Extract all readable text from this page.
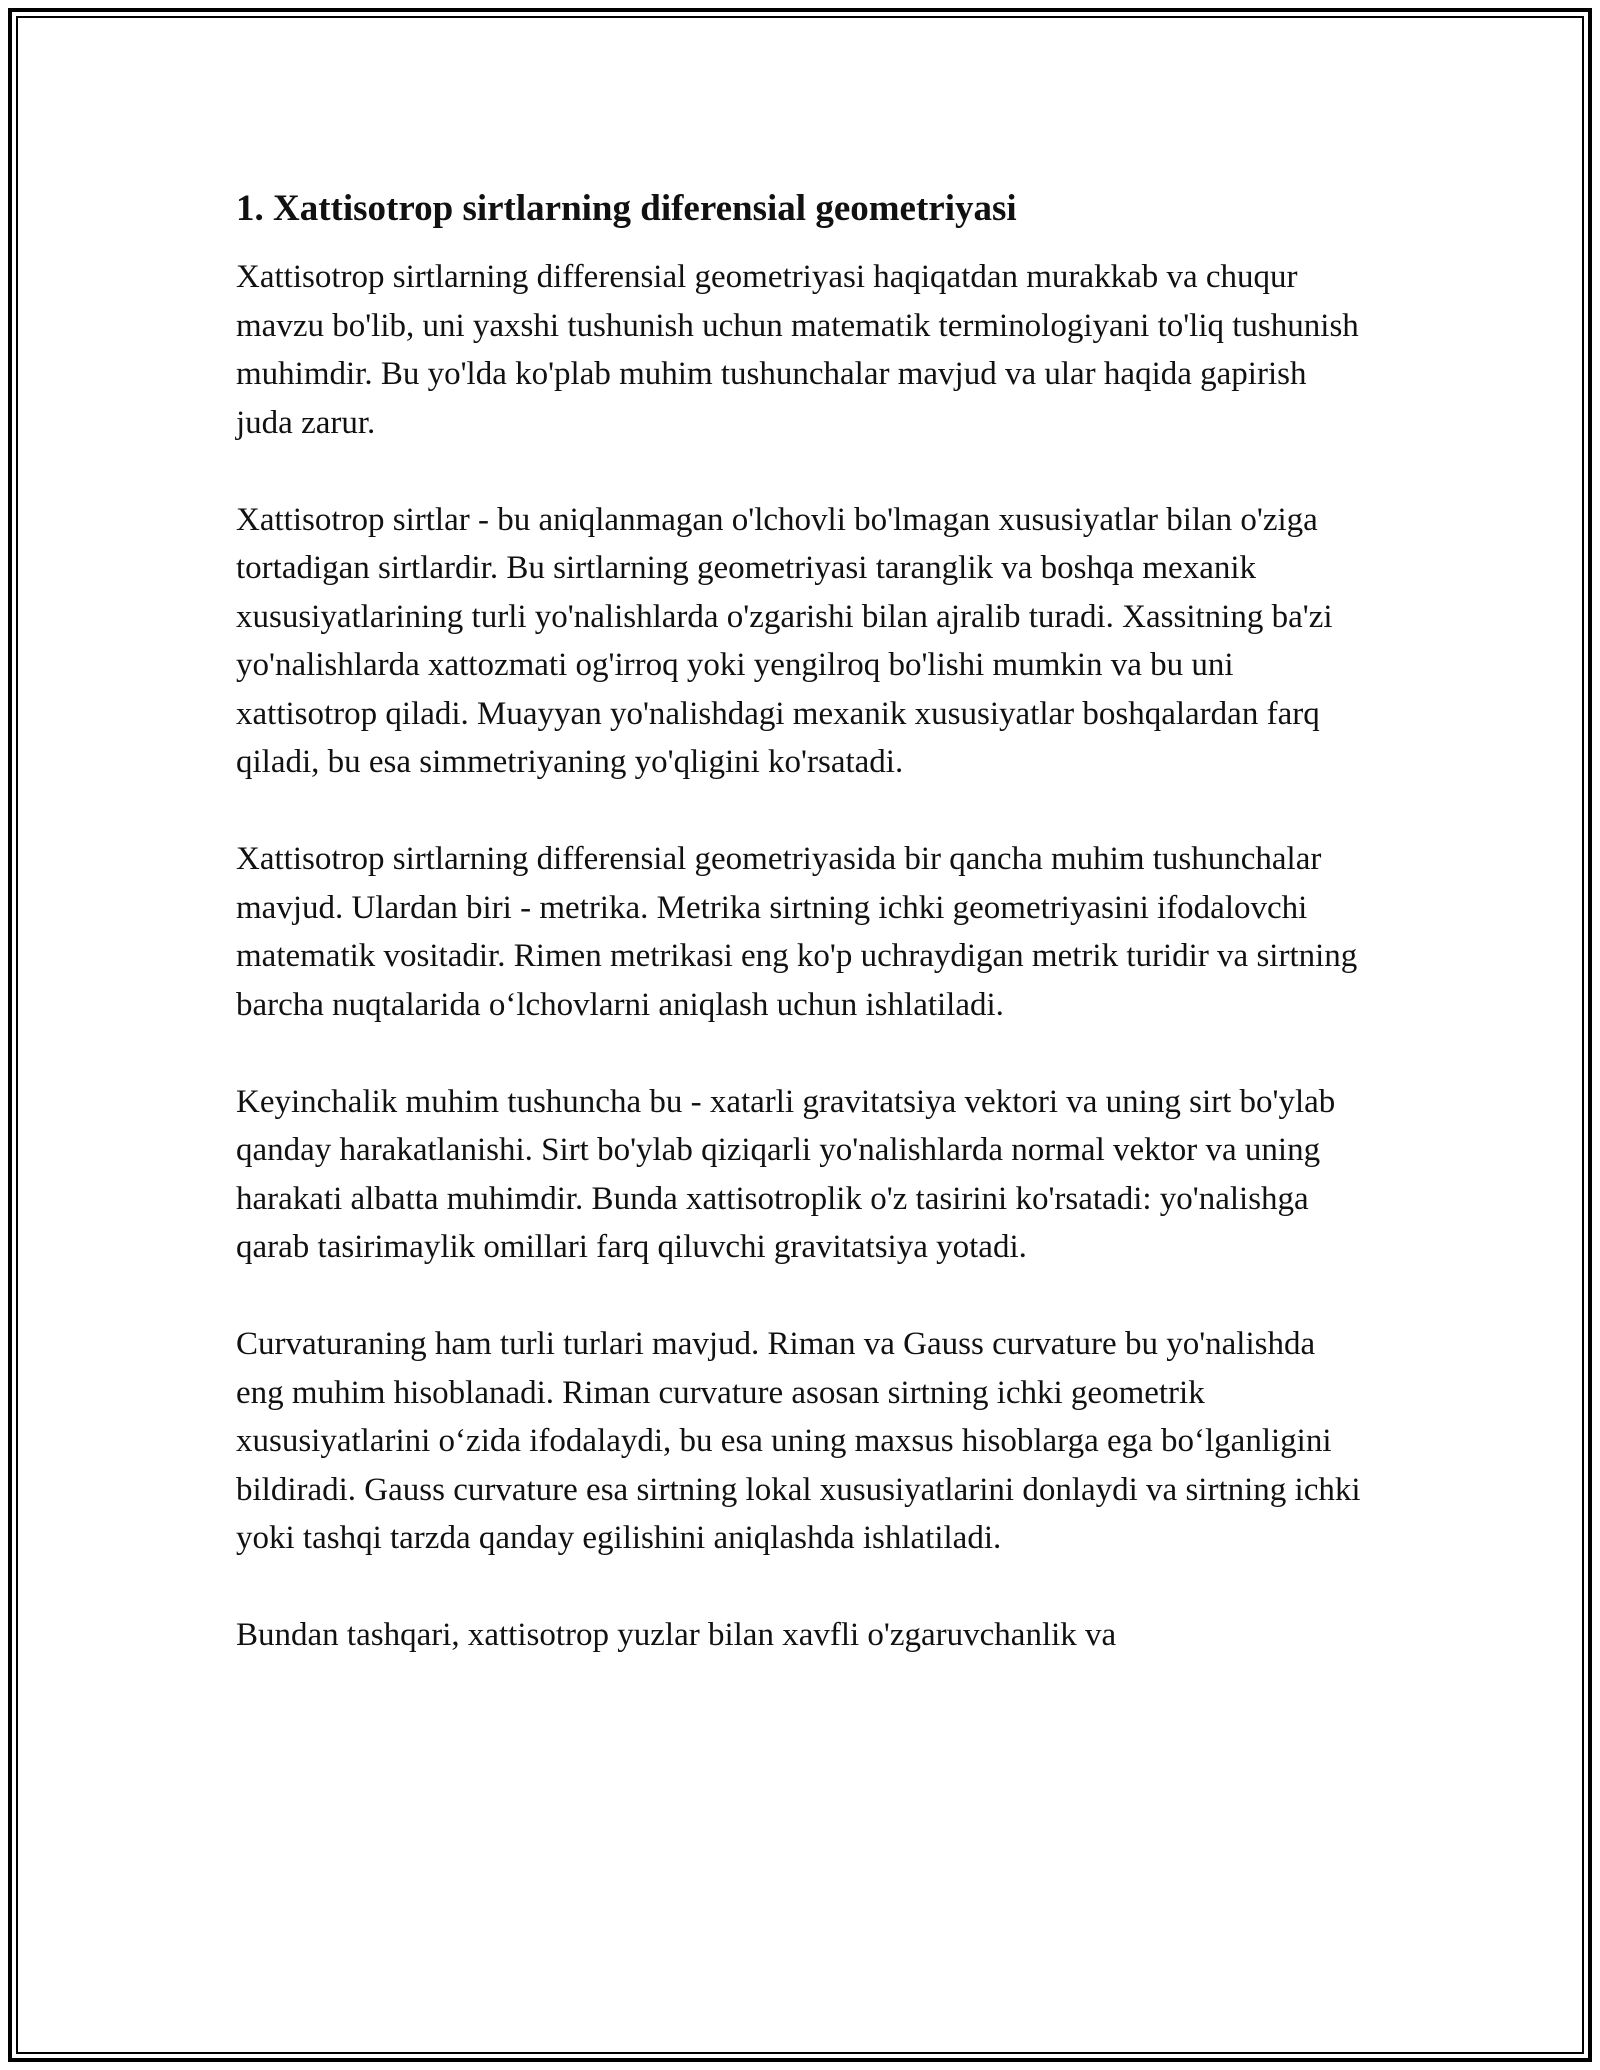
1. Xattisotrop sirtlarning diferensial geometriyasi

Xattisotrop sirtlarning differensial geometriyasi haqiqatdan murakkab va chuqur mavzu bo'lib, uni yaxshi tushunish uchun matematik terminologiyani to'liq tushunish muhimdir. Bu yo'lda ko'plab muhim tushunchalar mavjud va ular haqida gapirish juda zarur.

Xattisotrop sirtlar - bu aniqlanmagan o'lchovli bo'lmagan xususiyatlar bilan o'ziga tortadigan sirtlardir. Bu sirtlarning geometriyasi taranglik va boshqa mexanik xususiyatlarining turli yo'nalishlarda o'zgarishi bilan ajralib turadi. Xassitning ba'zi yo'nalishlarda xattozmati og'irroq yoki yengilroq bo'lishi mumkin va bu uni xattisotrop qiladi. Muayyan yo'nalishdagi mexanik xususiyatlar boshqalardan farq qiladi, bu esa simmetriyaning yo'qligini ko'rsatadi.

Xattisotrop sirtlarning differensial geometriyasida bir qancha muhim tushunchalar mavjud. Ulardan biri - metrika. Metrika sirtning ichki geometriyasini ifodalovchi matematik vositadir. Rimen metrikasi eng ko'p uchraydigan metrik turidir va sirtning barcha nuqtalarida o‘lchovlarni aniqlash uchun ishlatiladi.

Keyinchalik muhim tushuncha bu - xatarli gravitatsiya vektori va uning sirt bo'ylab qanday harakatlanishi. Sirt bo'ylab qiziqarli yo'nalishlarda normal vektor va uning harakati albatta muhimdir. Bunda xattisotroplik o'z tasirini ko'rsatadi: yo'nalishga qarab tasirimaylik omillari farq qiluvchi gravitatsiya yotadi.

Curvaturaning ham turli turlari mavjud. Riman va Gauss curvature bu yo'nalishda eng muhim hisoblanadi. Riman curvature asosan sirtning ichki geometrik xususiyatlarini o‘zida ifodalaydi, bu esa uning maxsus hisoblarga ega bo‘lganligini bildiradi. Gauss curvature esa sirtning lokal xususiyatlarini donlaydi va sirtning ichki yoki tashqi tarzda qanday egilishini aniqlashda ishlatiladi.

Bundan tashqari, xattisotrop yuzlar bilan xavfli o'zgaruvchanlik va
